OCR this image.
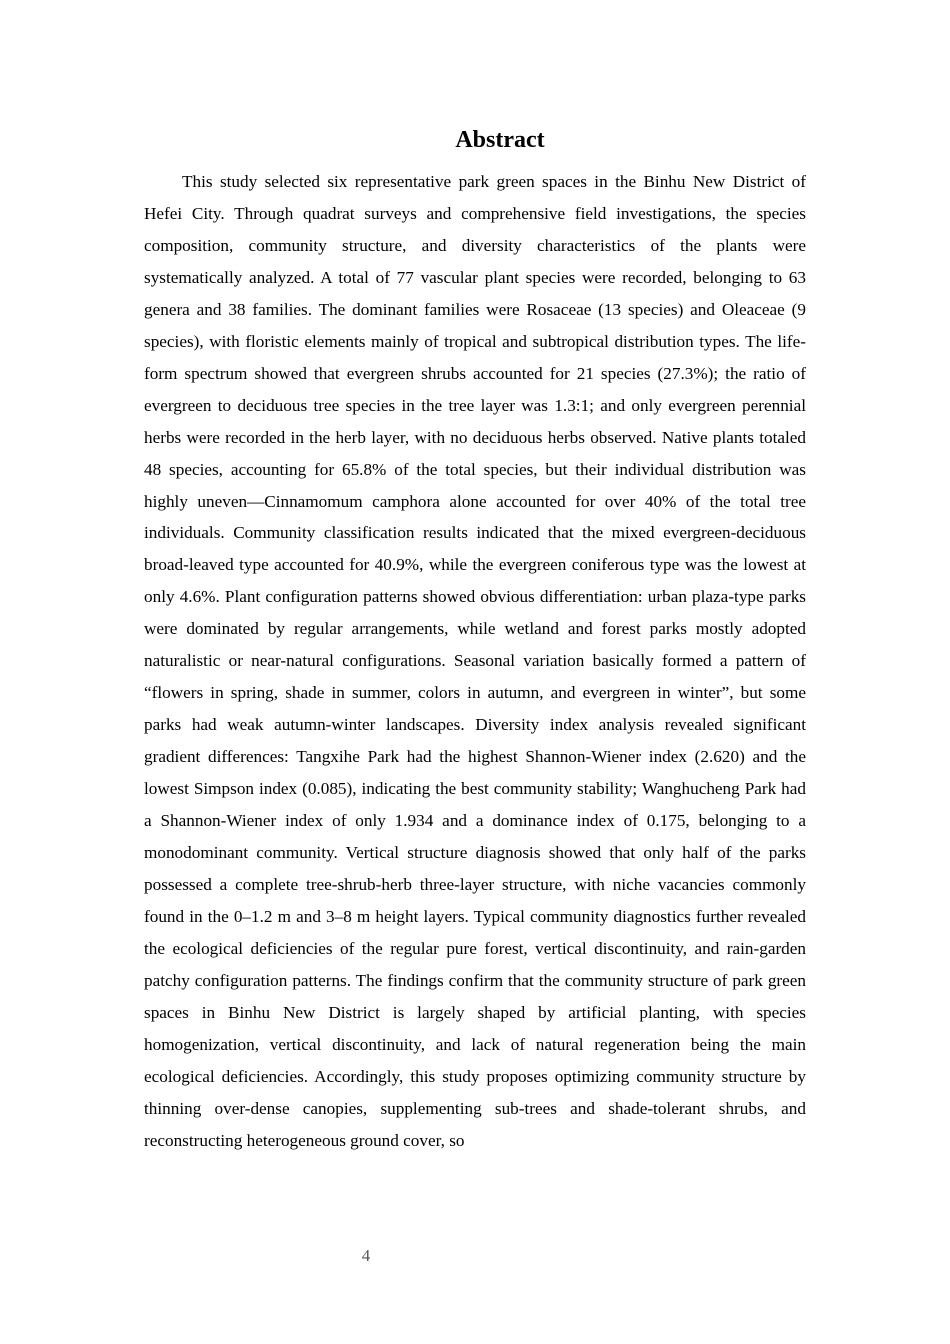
Abstract

This study selected six representative park green spaces in the Binhu New District of Hefei City. Through quadrat surveys and comprehensive field investigations, the species composition, community structure, and diversity characteristics of the plants were systematically analyzed. A total of 77 vascular plant species were recorded, belonging to 63 genera and 38 families. The dominant families were Rosaceae (13 species) and Oleaceae (9 species), with floristic elements mainly of tropical and subtropical distribution types. The life-form spectrum showed that evergreen shrubs accounted for 21 species (27.3%); the ratio of evergreen to deciduous tree species in the tree layer was 1.3:1; and only evergreen perennial herbs were recorded in the herb layer, with no deciduous herbs observed. Native plants totaled 48 species, accounting for 65.8% of the total species, but their individual distribution was highly uneven—Cinnamomum camphora alone accounted for over 40% of the total tree individuals. Community classification results indicated that the mixed evergreen-deciduous broad-leaved type accounted for 40.9%, while the evergreen coniferous type was the lowest at only 4.6%. Plant configuration patterns showed obvious differentiation: urban plaza-type parks were dominated by regular arrangements, while wetland and forest parks mostly adopted naturalistic or near-natural configurations. Seasonal variation basically formed a pattern of “flowers in spring, shade in summer, colors in autumn, and evergreen in winter”, but some parks had weak autumn-winter landscapes. Diversity index analysis revealed significant gradient differences: Tangxihe Park had the highest Shannon-Wiener index (2.620) and the lowest Simpson index (0.085), indicating the best community stability; Wanghucheng Park had a Shannon-Wiener index of only 1.934 and a dominance index of 0.175, belonging to a monodominant community. Vertical structure diagnosis showed that only half of the parks possessed a complete tree-shrub-herb three-layer structure, with niche vacancies commonly found in the 0–1.2 m and 3–8 m height layers. Typical community diagnostics further revealed the ecological deficiencies of the regular pure forest, vertical discontinuity, and rain-garden patchy configuration patterns. The findings confirm that the community structure of park green spaces in Binhu New District is largely shaped by artificial planting, with species homogenization, vertical discontinuity, and lack of natural regeneration being the main ecological deficiencies. Accordingly, this study proposes optimizing community structure by thinning over-dense canopies, supplementing sub-trees and shade-tolerant shrubs, and reconstructing heterogeneous ground cover, so

4
